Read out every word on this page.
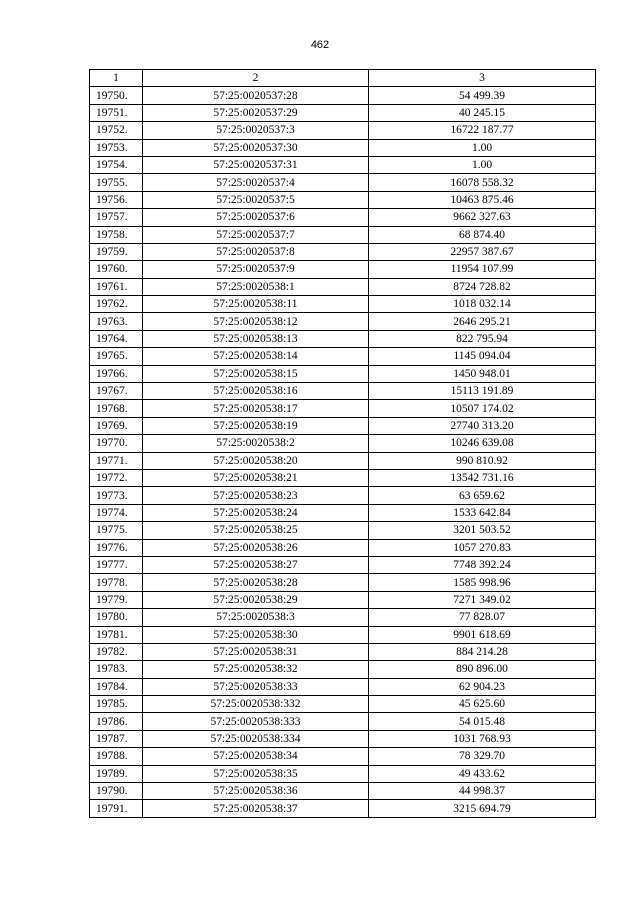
462
1	2	3
19750.	57:25:0020537:28	54 499.39
19751.	57:25:0020537:29	40 245.15
19752.	57:25:0020537:3	16722 187.77
19753.	57:25:0020537:30	1.00
19754.	57:25:0020537:31	1.00
19755.	57:25:0020537:4	16078 558.32
19756.	57:25:0020537:5	10463 875.46
19757.	57:25:0020537:6	9662 327.63
19758.	57:25:0020537:7	68 874.40
19759.	57:25:0020537:8	22957 387.67
19760.	57:25:0020537:9	11954 107.99
19761.	57:25:0020538:1	8724 728.82
19762.	57:25:0020538:11	1018 032.14
19763.	57:25:0020538:12	2646 295.21
19764.	57:25:0020538:13	822 795.94
19765.	57:25:0020538:14	1145 094.04
19766.	57:25:0020538:15	1450 948.01
19767.	57:25:0020538:16	15113 191.89
19768.	57:25:0020538:17	10507 174.02
19769.	57:25:0020538:19	27740 313.20
19770.	57:25:0020538:2	10246 639.08
19771.	57:25:0020538:20	990 810.92
19772.	57:25:0020538:21	13542 731.16
19773.	57:25:0020538:23	63 659.62
19774.	57:25:0020538:24	1533 642.84
19775.	57:25:0020538:25	3201 503.52
19776.	57:25:0020538:26	1057 270.83
19777.	57:25:0020538:27	7748 392.24
19778.	57:25:0020538:28	1585 998.96
19779.	57:25:0020538:29	7271 349.02
19780.	57:25:0020538:3	77 828.07
19781.	57:25:0020538:30	9901 618.69
19782.	57:25:0020538:31	884 214.28
19783.	57:25:0020538:32	890 896.00
19784.	57:25:0020538:33	62 904.23
19785.	57:25:0020538:332	45 625.60
19786.	57:25:0020538:333	54 015.48
19787.	57:25:0020538:334	1031 768.93
19788.	57:25:0020538:34	78 329.70
19789.	57:25:0020538:35	49 433.62
19790.	57:25:0020538:36	44 998.37
19791.	57:25:0020538:37	3215 694.79
